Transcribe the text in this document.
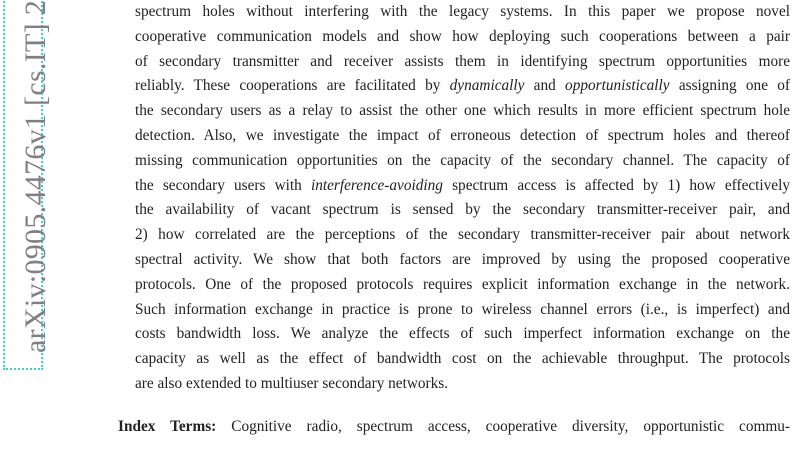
arXiv:0905.4476v1 [cs.IT] 2	spectrum holes without interfering with the legacy systems. In this paper we propose novel
cooperative communication models and show how deploying such cooperations between a pair
of secondary transmitter and receiver assists them in identifying spectrum opportunities more
reliably. These cooperations are facilitated by dynamically and opportunistically assigning one of
the secondary users as a relay to assist the other one which results in more efficient spectrum hole
detection. Also, we investigate the impact of erroneous detection of spectrum holes and thereof
missing communication opportunities on the capacity of the secondary channel. The capacity of
the secondary users with interference-avoiding spectrum access is affected by 1) how effectively
the availability of vacant spectrum is sensed by the secondary transmitter-receiver pair, and
2) how correlated are the perceptions of the secondary transmitter-receiver pair about network
spectral activity. We show that both factors are improved by using the proposed cooperative
protocols. One of the proposed protocols requires explicit information exchange in the network.
Such information exchange in practice is prone to wireless channel errors (i.e., is imperfect) and
costs bandwidth loss. We analyze the effects of such imperfect information exchange on the
capacity as well as the effect of bandwidth cost on the achievable throughput. The protocols
are also extended to multiuser secondary networks.
Index Terms: Cognitive radio, spectrum access, cooperative diversity, opportunistic commu-
